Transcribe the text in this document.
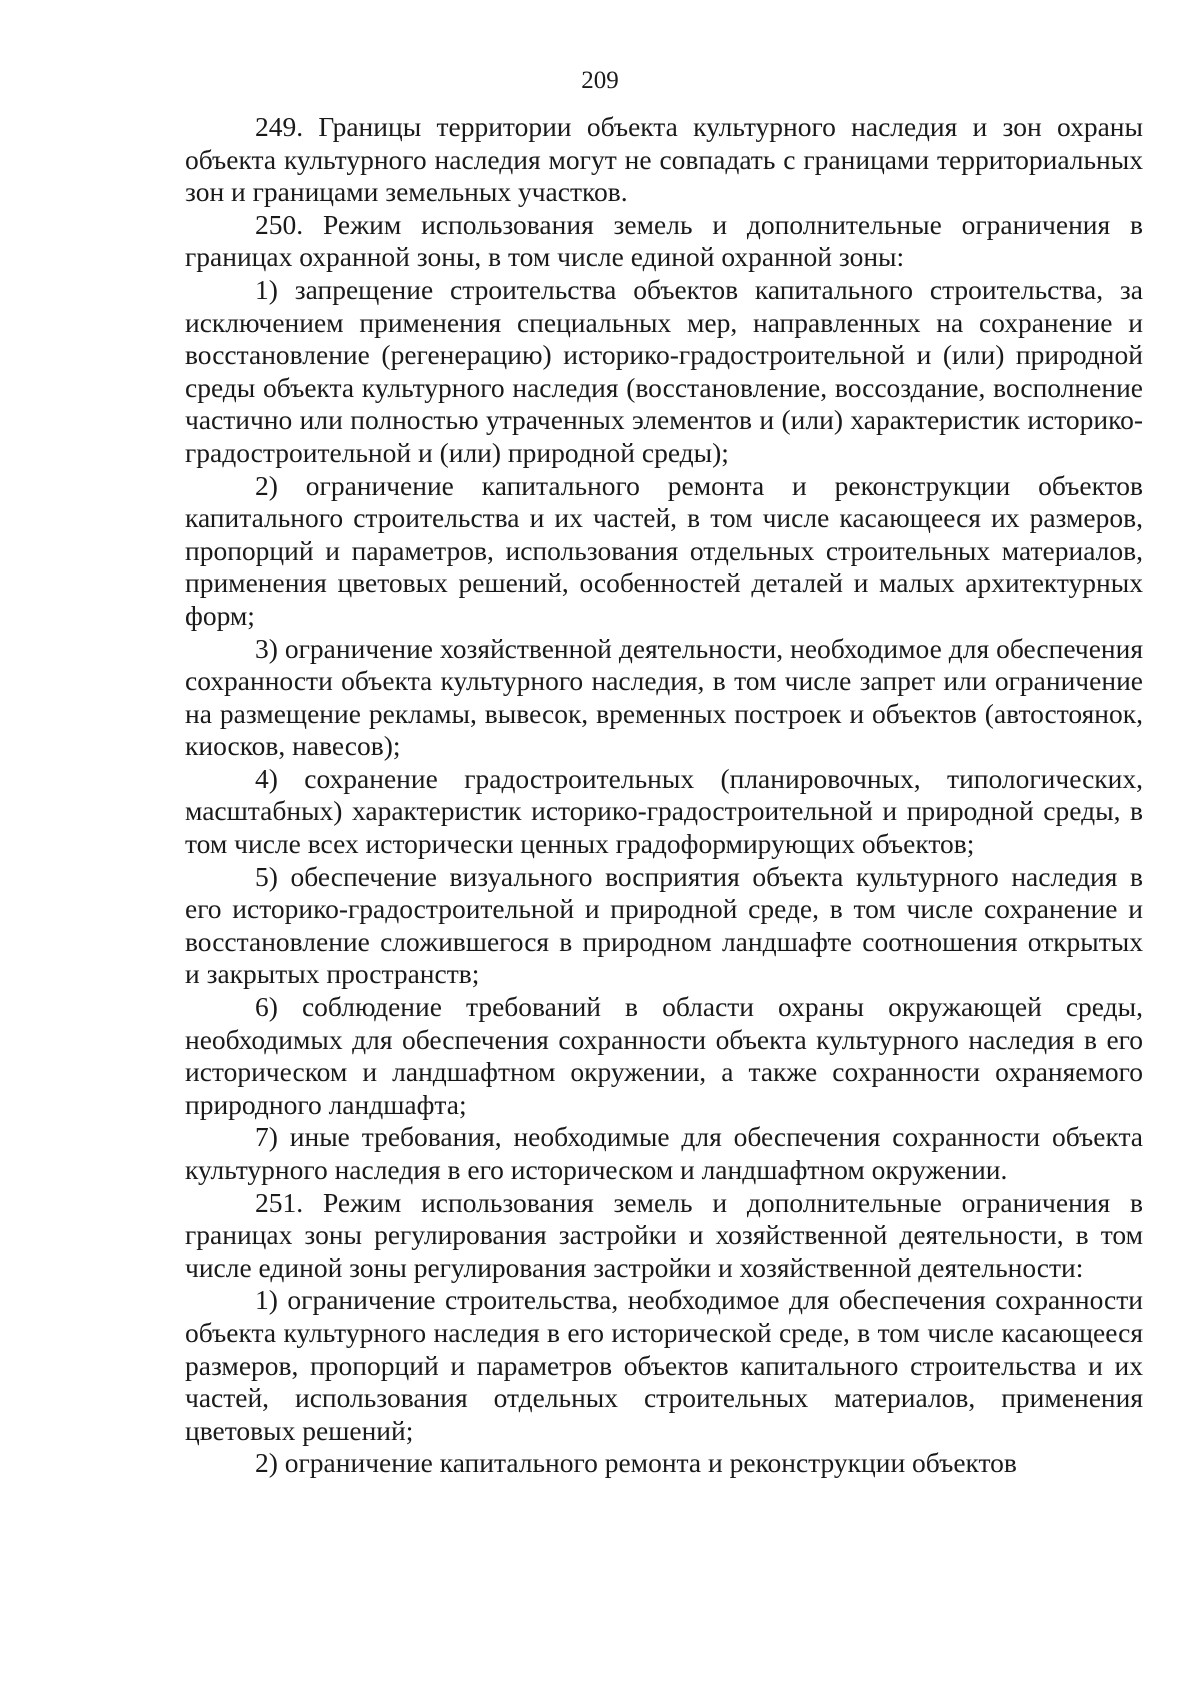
209

249. Границы территории объекта культурного наследия и зон охраны объекта культурного наследия могут не совпадать с границами территориальных зон и границами земельных участков.

250. Режим использования земель и дополнительные ограничения в границах охранной зоны, в том числе единой охранной зоны:

1) запрещение строительства объектов капитального строительства, за исключением применения специальных мер, направленных на сохранение и восстановление (регенерацию) историко-градостроительной и (или) природной среды объекта культурного наследия (восстановление, воссоздание, восполнение частично или полностью утраченных элементов и (или) характеристик историко-градостроительной и (или) природной среды);

2) ограничение капитального ремонта и реконструкции объектов капитального строительства и их частей, в том числе касающееся их размеров, пропорций и параметров, использования отдельных строительных материалов, применения цветовых решений, особенностей деталей и малых архитектурных форм;

3) ограничение хозяйственной деятельности, необходимое для обеспечения сохранности объекта культурного наследия, в том числе запрет или ограничение на размещение рекламы, вывесок, временных построек и объектов (автостоянок, киосков, навесов);

4) сохранение градостроительных (планировочных, типологических, масштабных) характеристик историко-градостроительной и природной среды, в том числе всех исторически ценных градоформирующих объектов;

5) обеспечение визуального восприятия объекта культурного наследия в его историко-градостроительной и природной среде, в том числе сохранение и восстановление сложившегося в природном ландшафте соотношения открытых и закрытых пространств;

6) соблюдение требований в области охраны окружающей среды, необходимых для обеспечения сохранности объекта культурного наследия в его историческом и ландшафтном окружении, а также сохранности охраняемого природного ландшафта;

7) иные требования, необходимые для обеспечения сохранности объекта культурного наследия в его историческом и ландшафтном окружении.

251. Режим использования земель и дополнительные ограничения в границах зоны регулирования застройки и хозяйственной деятельности, в том числе единой зоны регулирования застройки и хозяйственной деятельности:

1) ограничение строительства, необходимое для обеспечения сохранности объекта культурного наследия в его исторической среде, в том числе касающееся размеров, пропорций и параметров объектов капитального строительства и их частей, использования отдельных строительных материалов, применения цветовых решений;

2) ограничение капитального ремонта и реконструкции объектов
